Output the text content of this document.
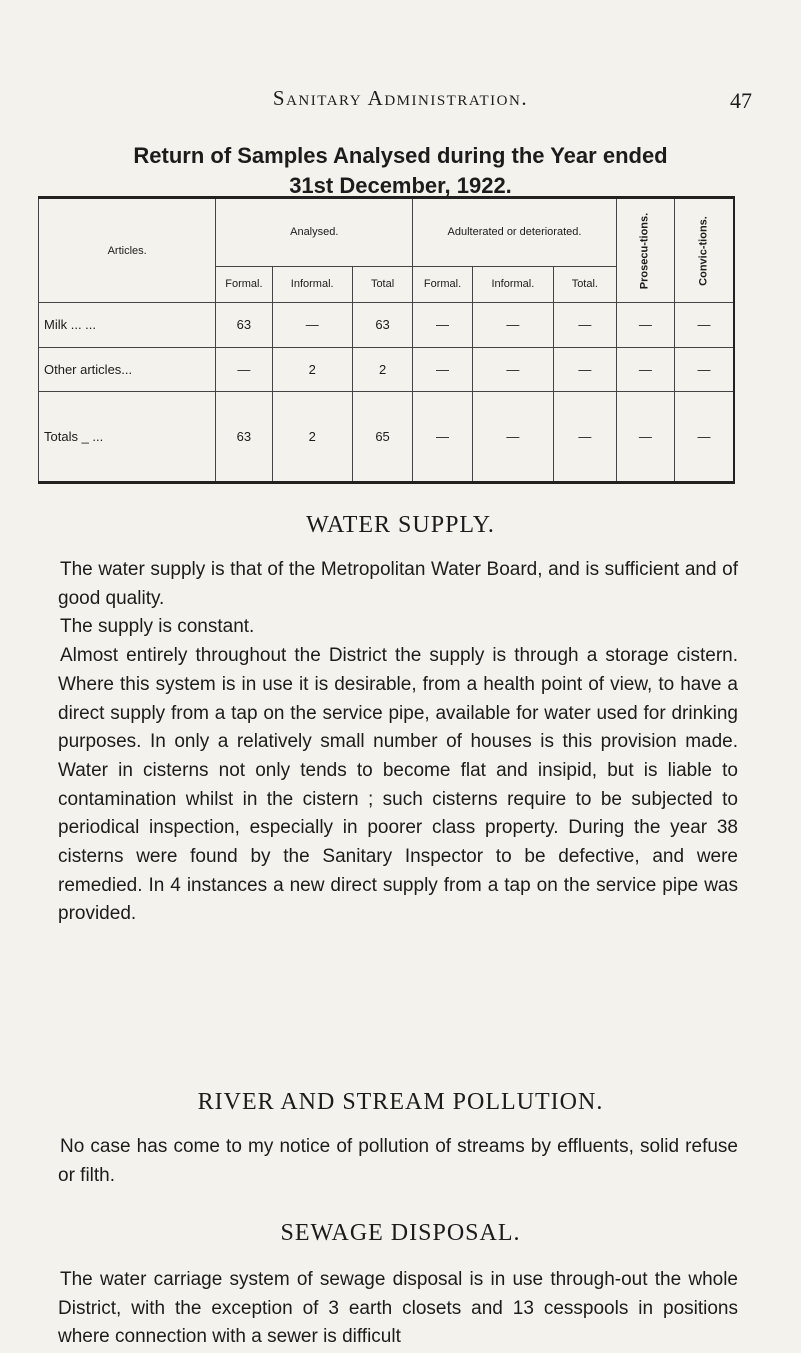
Sanitary Administration.	47
Return of Samples Analysed during the Year ended
31st December, 1922.
Articles.	Analysed.			Adulterated or deteriorated.			Prosecu-tions.	Convic-tions.

	Formal.	Informal.	Total	Formal.	Informal.	Total.		
Milk ... ...	63	—	63	—	—	—	—	—
Other articles...	—	2	2	—	—	—	—	—
Totals _ ...	63	2	65	—	—	—	—	—
WATER SUPPLY.

The water supply is that of the Metropolitan Water Board, and is sufficient and of good quality.

The supply is constant.

Almost entirely throughout the District the supply is through a storage cistern. Where this system is in use it is desirable, from a health point of view, to have a direct supply from a tap on the service pipe, available for water used for drinking purposes. In only a relatively small number of houses is this provision made. Water in cisterns not only tends to become flat and insipid, but is liable to contamination whilst in the cistern ; such cisterns require to be subjected to periodical inspection, especially in poorer class property. During the year 38 cisterns were found by the Sanitary Inspector to be defective, and were remedied. In 4 instances a new direct supply from a tap on the service pipe was provided.

RIVER AND STREAM POLLUTION.

No case has come to my notice of pollution of streams by effluents, solid refuse or filth.

SEWAGE DISPOSAL.

The water carriage system of sewage disposal is in use through-out the whole District, with the exception of 3 earth closets and 13 cesspools in positions where connection with a sewer is difficult
